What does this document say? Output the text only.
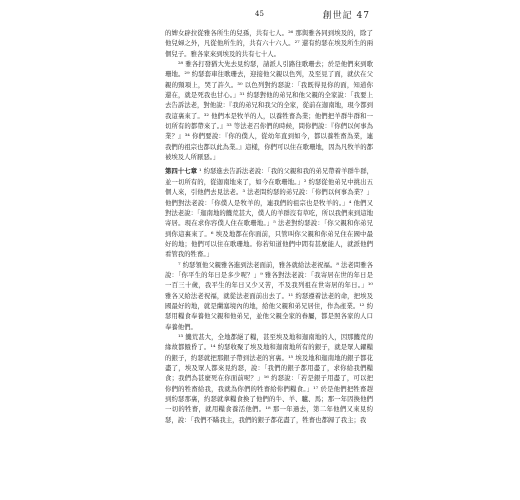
45	創世記 47

的婢女辟拉從雅各所生的兒孫，共有七人。²⁶ 那與雅各同到埃及的，除了他兒婦之外，凡從他所生的，共有六十六人。²⁷ 還有約瑟在埃及所生的兩個兒子。雅各家來到埃及的共有七十人。

²⁸ 雅各打發猶大先去見約瑟，請派人引路往歌珊去；於是他們來到歌珊地。²⁹ 約瑟套車往歌珊去，迎接他父親以色列，及至見了面，就伏在父親的頸項上，哭了許久。³⁰ 以色列對約瑟說：「我既得見你的面，知道你還在，就是死我也甘心。」³¹ 約瑟對他的弟兄和他父親的全家說：「我要上去告訴法老，對他說：『我的弟兄和我父的全家，從前在迦南地，現今都到我這裏來了。³² 他們本是牧羊的人，以養牲畜為業；他們把羊群牛群和一切所有的都帶來了。』³³ 等法老召你們的時候，問你們說：『你們以何事為業？』³⁴ 你們要說：『你的僕人，從幼年直到如今，都以養牲畜為業，連我們的祖宗也都以此為業。』這樣，你們可以住在歌珊地，因為凡牧羊的都被埃及人所厭惡。」

第四十七章 ¹ 約瑟進去告訴法老說：「我的父親和我的弟兄帶着羊群牛群，並一切所有的，從迦南地來了，如今在歌珊地。」² 約瑟從他弟兄中挑出五個人來，引他們去見法老。³ 法老問約瑟的弟兄說：「你們以何事為業？」他們對法老說：「你僕人是牧羊的，連我們的祖宗也是牧羊的。」⁴ 他們又對法老說：「迦南地的饑荒甚大，僕人的羊群沒有草吃，所以我們來到這地寄居。現在求你容僕人住在歌珊地。」⁵ 法老對約瑟說：「你父親和你弟兄到你這裏來了。⁶ 埃及地都在你面前，只管叫你父親和你弟兄住在國中最好的地；他們可以住在歌珊地。你若知道他們中間有甚麼能人，就派他們看管我的牲畜。」

⁷ 約瑟領他父親雅各進到法老面前，雅各就給法老祝福。⁸ 法老問雅各說：「你平生的年日是多少呢？」⁹ 雅各對法老說：「我寄居在世的年日是一百三十歲，我平生的年日又少又苦，不及我列祖在世寄居的年日。」¹⁰ 雅各又給法老祝福，就從法老面前出去了。¹¹ 約瑟遵着法老的命，把埃及國最好的地，就是蘭塞境內的地，給他父親和弟兄居住，作為產業。¹² 約瑟用糧食奉養他父親和他弟兄，並他父親全家的眷屬，都是照各家的人口奉養他們。

¹³ 饑荒甚大，全地都絕了糧，甚至埃及地和迦南地的人，因那饑荒的緣故都餓昏了。¹⁴ 約瑟收聚了埃及地和迦南地所有的銀子，就是眾人糴糧的銀子，約瑟就把那銀子帶到法老的宮裏。¹⁵ 埃及地和迦南地的銀子都花盡了，埃及眾人都來見約瑟，說：「我們的銀子都用盡了，求你給我們糧食；我們為甚麼死在你面前呢？」¹⁶ 約瑟說：「若是銀子用盡了，可以把你們的牲畜給我，我就為你們的牲畜給你們糧食。」¹⁷ 於是他們把牲畜趕到約瑟那裏，約瑟就拿糧食換了他們的牛、羊、驢、馬；那一年因換他們一切的牲畜，就用糧食養活他們。¹⁸ 那一年過去，第二年他們又來見約瑟，說：「我們不瞞我主，我們的銀子都花盡了，牲畜也都歸了我主；我
